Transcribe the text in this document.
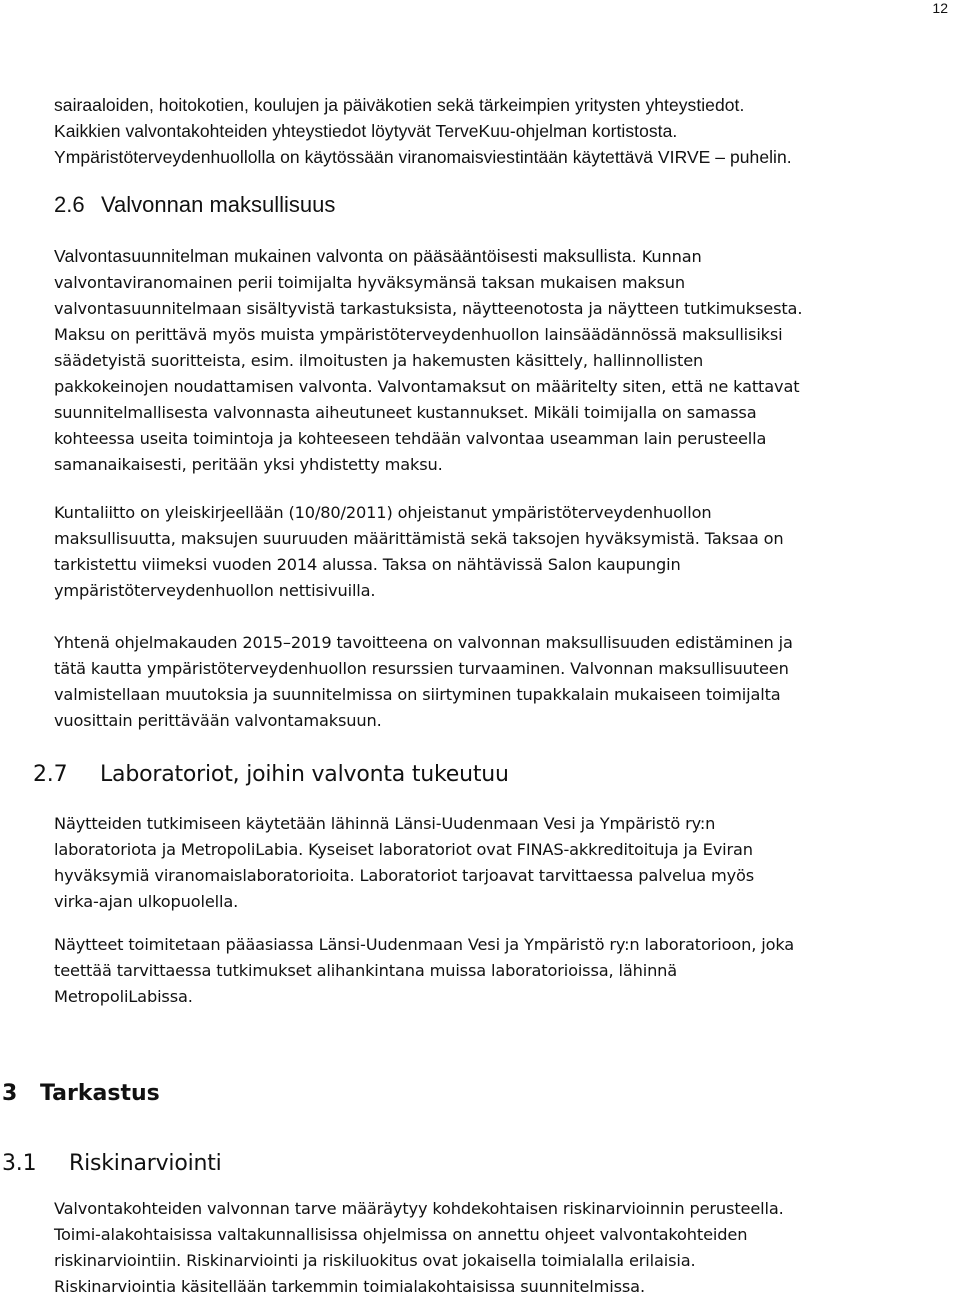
12
sairaaloiden, hoitokotien, koulujen ja päiväkotien sekä tärkeimpien yritysten yhteystiedot.
Kaikkien valvontakohteiden yhteystiedot löytyvät TerveKuu-ohjelman kortistosta.
Ympäristöterveydenhuollolla on käytössään viranomaisviestintään käytettävä VIRVE – puhelin.
2.6 Valvonnan maksullisuus
Valvontasuunnitelman mukainen valvonta on pääsääntöisesti maksullista. Kunnan
valvontaviranomainen perii toimijalta hyväksymänsä taksan mukaisen maksun
valvontasuunnitelmaan sisältyvistä tarkastuksista, näytteenotosta ja näytteen tutkimuksesta.
Maksu on perittävä myös muista ympäristöterveydenhuollon lainsäädännössä maksullisiksi
säädetyistä suoritteista, esim. ilmoitusten ja hakemusten käsittely, hallinnollisten
pakkokeinojen noudattamisen valvonta. Valvontamaksut on määritelty siten, että ne kattavat
suunnitelmallisesta valvonnasta aiheutuneet kustannukset. Mikäli toimijalla on samassa
kohteessa useita toimintoja ja kohteeseen tehdään valvontaa useamman lain perusteella
samanaikaisesti, peritään yksi yhdistetty maksu.
Kuntaliitto on yleiskirjeellään (10/80/2011) ohjeistanut ympäristöterveydenhuollon
maksullisuutta, maksujen suuruuden määrittämistä sekä taksojen hyväksymistä. Taksaa on
tarkistettu viimeksi vuoden 2014 alussa. Taksa on nähtävissä Salon kaupungin
ympäristöterveydenhuollon nettisivuilla.
Yhtenä ohjelmakauden 2015–2019 tavoitteena on valvonnan maksullisuuden edistäminen ja
tätä kautta ympäristöterveydenhuollon resurssien turvaaminen. Valvonnan maksullisuuteen
valmistellaan muutoksia ja suunnitelmissa on siirtyminen tupakkalain mukaiseen toimijalta
vuosittain perittävään valvontamaksuun.
2.7 Laboratoriot, joihin valvonta tukeutuu
Näytteiden tutkimiseen käytetään lähinnä Länsi-Uudenmaan Vesi ja Ympäristö ry:n
laboratoriota ja MetropoliLabia. Kyseiset laboratoriot ovat FINAS-akkreditoituja ja Eviran
hyväksymiä viranomaislaboratorioita. Laboratoriot tarjoavat tarvittaessa palvelua myös
virka-ajan ulkopuolella.
Näytteet toimitetaan pääasiassa Länsi-Uudenmaan Vesi ja Ympäristö ry:n laboratorioon, joka
teettää tarvittaessa tutkimukset alihankintana muissa laboratorioissa, lähinnä
MetropoliLabissa.
3 Tarkastus
3.1 Riskinarviointi
Valvontakohteiden valvonnan tarve määräytyy kohdekohtaisen riskinarvioinnin perusteella.
Toimi-alakohtaisissa valtakunnallisissa ohjelmissa on annettu ohjeet valvontakohteiden
riskinarviointiin. Riskinarviointi ja riskiluokitus ovat jokaisella toimialalla erilaisia.
Riskinarviointia käsitellään tarkemmin toimialakohtaisissa suunnitelmissa.
